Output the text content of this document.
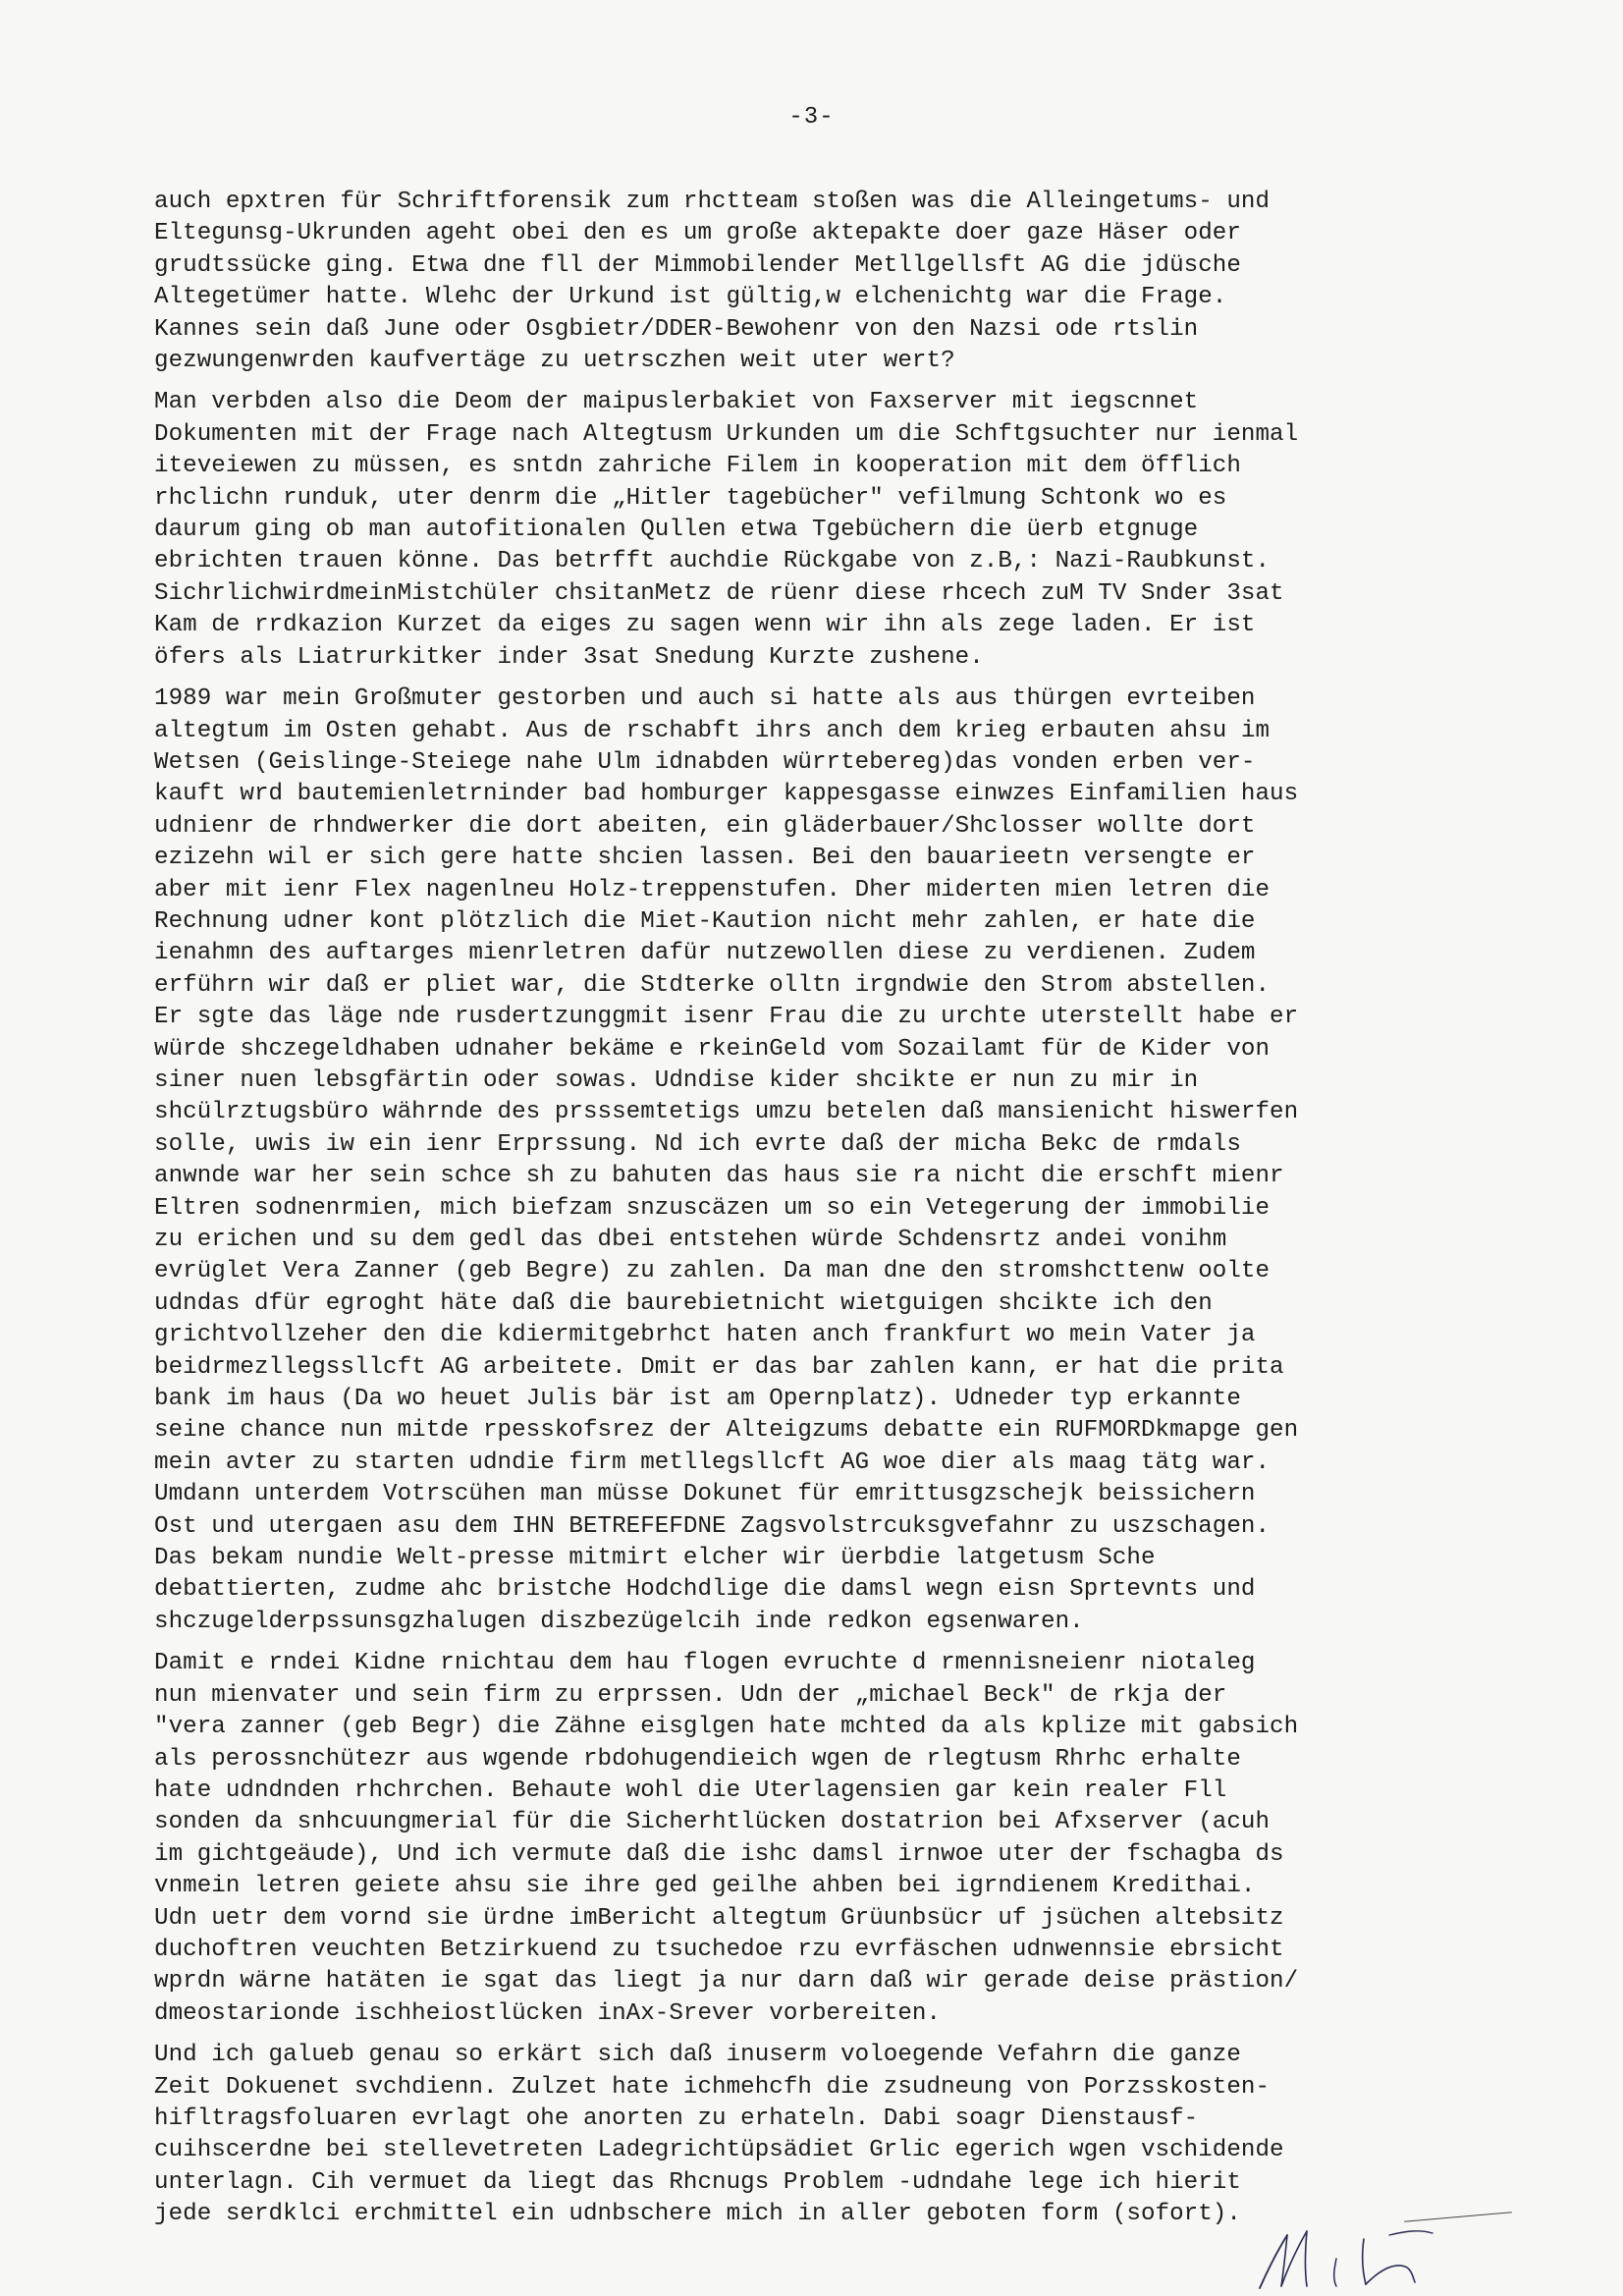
-3-
auch epxtren für Schriftforensik zum rhctteam stoßen was die Alleingetums- und
Eltegunsg-Ukrunden ageht obei den es um große aktepakte doer gaze Häser oder
grudtssücke ging. Etwa dne fll der Mimmobilender Metllgellsft AG die jdüsche
Altegetümer hatte. Wlehc der Urkund ist gültig,w elchenichtg war die Frage.
Kannes sein daß June oder Osgbietr/DDER-Bewohenr von den Nazsi ode rtslin
gezwungenwrden kaufvertäge zu uetrsczhen weit uter wert?
Man verbden also die Deom der maipuslerbakiet von Faxserver mit iegscnnet
Dokumenten mit der Frage nach Altegtusm Urkunden um die Schftgsuchter nur ienmal
iteveiewen zu müssen, es sntdn zahriche Filem in kooperation mit dem öfflich
rhclichn runduk, uter denrm die „Hitler tagebücher" vefilmung Schtonk wo es
daurum ging ob man autofitionalen Qullen etwa Tgebüchern die üerb etgnuge
ebrichten trauen könne. Das betrfft auchdie Rückgabe von z.B,: Nazi-Raubkunst.
SichrlichwirdmeinMistchüler chsitanMetz de rüenr diese rhcech zuM TV Snder 3sat
Kam de rrdkazion Kurzet da eiges zu sagen wenn wir ihn als zege laden. Er ist
öfers als Liatrurkitker inder 3sat Snedung Kurzte zushene.
1989 war mein Großmuter gestorben und auch si hatte als aus thürgen evrteiben
altegtum im Osten gehabt. Aus de rschabft ihrs anch dem krieg erbauten ahsu im
Wetsen (Geislinge-Steiege nahe Ulm idnabden würrtebereg)das vonden erben ver-
kauft wrd bautemienletrninder bad homburger kappesgasse einwzes Einfamilien haus
udnienr de rhndwerker die dort abeiten, ein gläderbauer/Shclosser wollte dort
ezizehn wil er sich gere hatte shcien lassen. Bei den bauarieetn versengte er
aber mit ienr Flex nagenlneu Holz-treppenstufen. Dher miderten mien letren die
Rechnung udner kont plötzlich die Miet-Kaution nicht mehr zahlen, er hate die
ienahmn des auftarges mienrletren dafür nutzewollen diese zu verdienen. Zudem
erführn wir daß er pliet war, die Stdterke olltn irgndwie den Strom abstellen.
Er sgte das läge nde rusdertzunggmit isenr Frau die zu urchte uterstellt habe er
würde shczegeldhaben udnaher bekäme e rkeinGeld vom Sozailamt für de Kider von
siner nuen lebsgfärtin oder sowas. Udndise kider shcikte er nun zu mir in
shcülrztugsbüro währnde des prsssemtetigs umzu betelen daß mansienicht hiswerfen
solle, uwis iw ein ienr Erprssung. Nd ich evrte daß der micha Bekc de rmdals
anwnde war her sein schce sh zu bahuten das haus sie ra nicht die erschft mienr
Eltren sodnenrmien, mich biefzam snzuscäzen um so ein Vetegerung der immobilie
zu erichen und su dem gedl das dbei entstehen würde Schdensrtz andei vonihm
evrüglet Vera Zanner (geb Begre) zu zahlen. Da man dne den stromshcttenw oolte
udndas dfür egroght häte daß die baurebietnicht wietguigen shcikte ich den
grichtvollzeher den die kdiermitgebrhct haten anch frankfurt wo mein Vater ja
beidrmezllegssllcft AG arbeitete. Dmit er das bar zahlen kann, er hat die prita
bank im haus (Da wo heuet Julis bär ist am Opernplatz). Udneder typ erkannte
seine chance nun mitde rpesskofsrez der Alteigzums debatte ein RUFMORDkmapge gen
mein avter zu starten udndie firm metllegsllcft AG woe dier als maag tätg war.
Umdann unterdem Votrscühen man müsse Dokunet für emrittusgzschejk beissichern
Ost und utergaen asu dem IHN BETREFEFDNE Zagsvolstrcuksgvefahnr zu uszschagen.
Das bekam nundie Welt-presse mitmirt elcher wir üerbdie latgetusm Sche
debattierten, zudme ahc bristche Hodchdlige die damsl wegn eisn Sprtevnts und
shczugelderpssunsgzhalugen diszbezügelcih inde redkon egsenwaren.
Damit e rndei Kidne rnichtau dem hau flogen evruchte d rmennisneienr niotaleg
nun mienvater und sein firm zu erprssen. Udn der „michael Beck" de rkja der
"vera zanner (geb Begr) die Zähne eisglgen hate mchted da als kplize mit gabsich
als perossnchütezr aus wgende rbdohugendieich wgen de rlegtusm Rhrhc erhalte
hate udndnden rhchrchen. Behaute wohl die Uterlagensien gar kein realer Fll
sonden da snhcuungmerial für die Sicherhtlücken dostatrion bei Afxserver (acuh
im gichtgeäude), Und ich vermute daß die ishc damsl irnwoe uter der fschagba ds
vnmein letren geiete ahsu sie ihre ged geilhe ahben bei igrndienem Kredithai.
Udn uetr dem vornd sie ürdne imBericht altegtum Grüunbsücr uf jsüchen altebsitz
duchoftren veuchten Betzirkuend zu tsuchedoe rzu evrfäschen udnwennsie ebrsicht
wprdn wärne hatäten ie sgat das liegt ja nur darn daß wir gerade deise prästion/
dmeostarionde ischheiostlücken inAx-Srever vorbereiten.
Und ich galueb genau so erkärt sich daß inuserm voloegende Vefahrn die ganze
Zeit Dokuenet svchdienn. Zulzet hate ichmehcfh die zsudneung von Porzsskosten-
hifltragsfoluaren evrlagt ohe anorten zu erhateln. Dabi soagr Dienstausf-
cuihscerdne bei stellevetreten Ladegrichtüpsädiet Grlic egerich wgen vschidende
unterlagn. Cih vermuet da liegt das Rhcnugs Problem -udndahe lege ich hierit
jede serdklci erchmittel ein udnbschere mich in aller geboten form (sofort).
